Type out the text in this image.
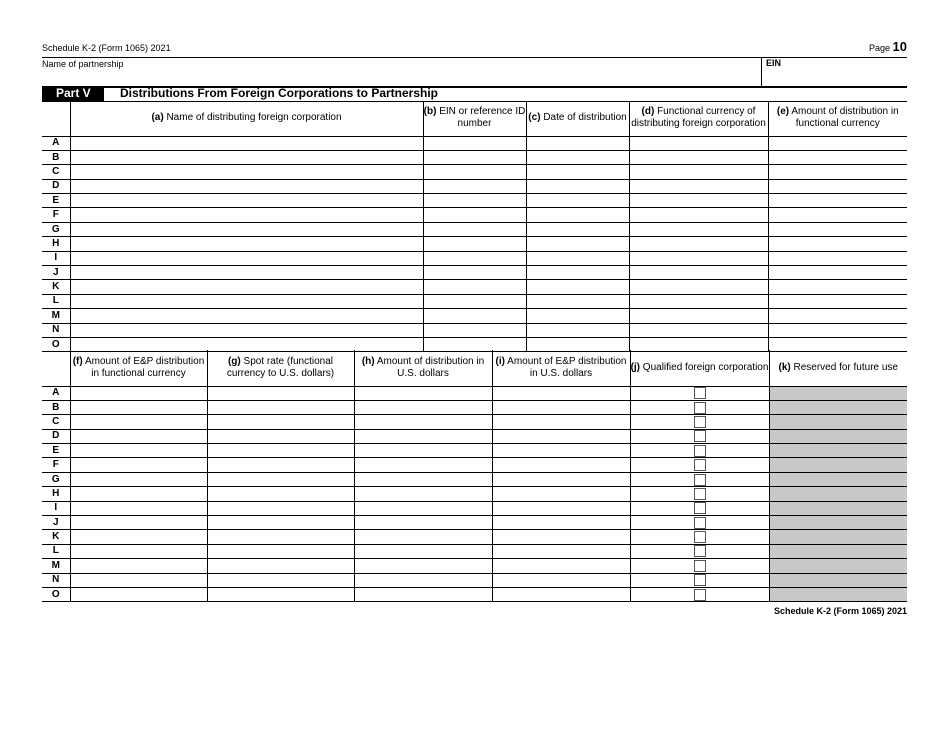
Schedule K-2 (Form 1065) 2021	Page 10
Name of partnership	EIN
Part V	Distributions From Foreign Corporations to Partnership
	(a) Name of distributing foreign corporation	(b) EIN or reference ID number	(c) Date of distribution	(d) Functional currency of distributing foreign corporation	(e) Amount of distribution in functional currency
A					
B					
C					
D					
E					
F					
G					
H					
I					
J					
K					
L					
M					
N					
O					
	(f) Amount of E&P distribution in functional currency	(g) Spot rate (functional currency to U.S. dollars)	(h) Amount of distribution in U.S. dollars	(i) Amount of E&P distribution in U.S. dollars	(j) Qualified foreign corporation	(k) Reserved for future use
A					

B					

C					

D					

E					

F					

G					

H					

I					

J					

K					

L					

M					

N					

O					

Schedule K-2 (Form 1065) 2021
